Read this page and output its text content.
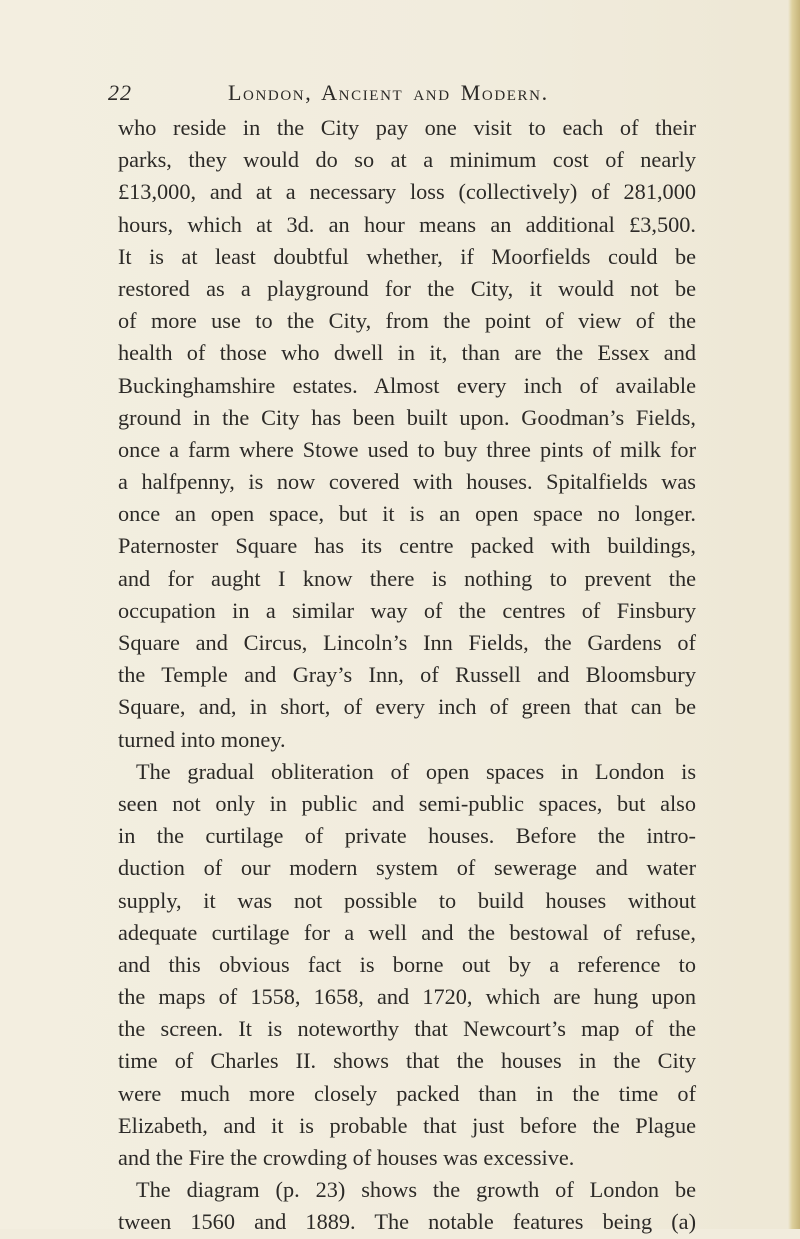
22	London, Ancient and Modern.
who reside in the City pay one visit to each of their
parks, they would do so at a minimum cost of nearly
£13,000, and at a necessary loss (collectively) of 281,000
hours, which at 3d. an hour means an additional £3,500.
It is at least doubtful whether, if Moorfields could be
restored as a playground for the City, it would not be
of more use to the City, from the point of view of the
health of those who dwell in it, than are the Essex and
Buckinghamshire estates. Almost every inch of available
ground in the City has been built upon. Goodman’s Fields,
once a farm where Stowe used to buy three pints of milk for
a halfpenny, is now covered with houses. Spitalfields was
once an open space, but it is an open space no longer.
Paternoster Square has its centre packed with buildings,
and for aught I know there is nothing to prevent the
occupation in a similar way of the centres of Finsbury
Square and Circus, Lincoln’s Inn Fields, the Gardens of
the Temple and Gray’s Inn, of Russell and Bloomsbury
Square, and, in short, of every inch of green that can be
turned into money.
The gradual obliteration of open spaces in London is
seen not only in public and semi-public spaces, but also
in the curtilage of private houses. Before the intro-
duction of our modern system of sewerage and water
supply, it was not possible to build houses without
adequate curtilage for a well and the bestowal of refuse,
and this obvious fact is borne out by a reference to
the maps of 1558, 1658, and 1720, which are hung upon
the screen. It is noteworthy that Newcourt’s map of the
time of Charles II. shows that the houses in the City
were much more closely packed than in the time of
Elizabeth, and it is probable that just before the Plague
and the Fire the crowding of houses was excessive.
The diagram (p. 23) shows the growth of London be
tween 1560 and 1889. The notable features being (a)
